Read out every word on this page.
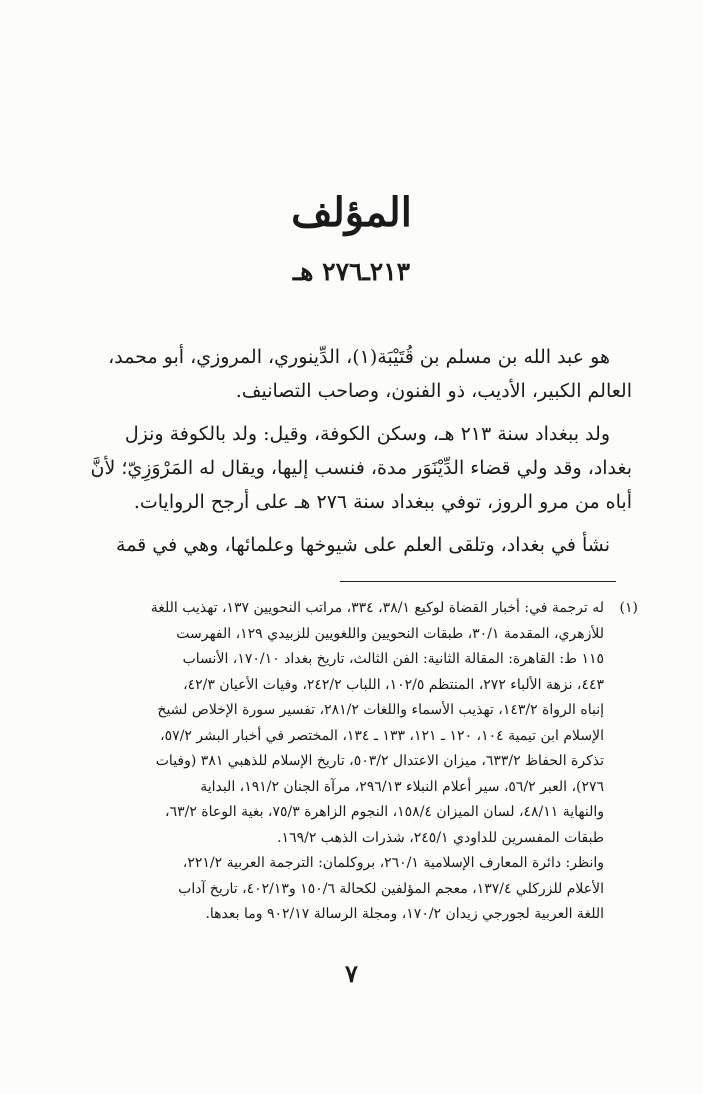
المؤلف
٢١٣ـ٢٧٦ هـ
هو عبد الله بن مسلم بن قُتَيْبَة(١)، الدِّينوري، المروزي، أبو محمد،
العالم الكبير، الأديب، ذو الفنون، وصاحب التصانيف.
ولد ببغداد سنة ٢١٣ هـ، وسكن الكوفة، وقيل: ولد بالكوفة ونزل
بغداد، وقد ولي قضاء الدِّيْنَوَر مدة، فنسب إليها، ويقال له المَرْوَزِيّ؛ لأنَّ
أباه من مرو الروز، توفي ببغداد سنة ٢٧٦ هـ على أرجح الروايات.
نشأ في بغداد، وتلقى العلم على شيوخها وعلمائها، وهي في قمة
(١)
له ترجمة في: أخبار القضاة لوكيع ٣٨/١، ٣٣٤، مراتب النحويين ١٣٧، تهذيب اللغة
للأزهري، المقدمة ٣٠/١، طبقات النحويين واللغويين للزبيدي ١٢٩، الفهرست
١١٥ ط: القاهرة: المقالة الثانية: الفن الثالث، تاريخ بغداد ١٧٠/١٠، الأنساب
٤٤٣، نزهة الألباء ٢٧٢، المنتظم ١٠٢/٥، اللباب ٢٤٢/٢، وفيات الأعيان ٤٢/٣،
إنباه الرواة ١٤٣/٢، تهذيب الأسماء واللغات ٢٨١/٢، تفسير سورة الإخلاص لشيخ
الإسلام ابن تيمية ١٠٤، ١٢٠ ـ ١٢١، ١٣٣ ـ ١٣٤، المختصر في أخبار البشر ٥٧/٢،
تذكرة الحفاظ ٦٣٣/٢، ميزان الاعتدال ٥٠٣/٢، تاريخ الإسلام للذهبي ٣٨١ (وفيات
٢٧٦)، العبر ٥٦/٢، سير أعلام النبلاء ٢٩٦/١٣، مرآة الجنان ١٩١/٢، البداية
والنهاية ٤٨/١١، لسان الميزان ١٥٨/٤، النجوم الزاهرة ٧٥/٣، بغية الوعاة ٦٣/٢،
طبقات المفسرين للداودي ٢٤٥/١، شذرات الذهب ١٦٩/٢.
وانظر: دائرة المعارف الإسلامية ٢٦٠/١، بروكلمان: الترجمة العربية ٢٢١/٢،
الأعلام للزركلي ١٣٧/٤، معجم المؤلفين لكحالة ١٥٠/٦ و٤٠٢/١٣، تاريخ آداب
اللغة العربية لجورجي زيدان ١٧٠/٢، ومجلة الرسالة ٩٠٢/١٧ وما بعدها.
٧
